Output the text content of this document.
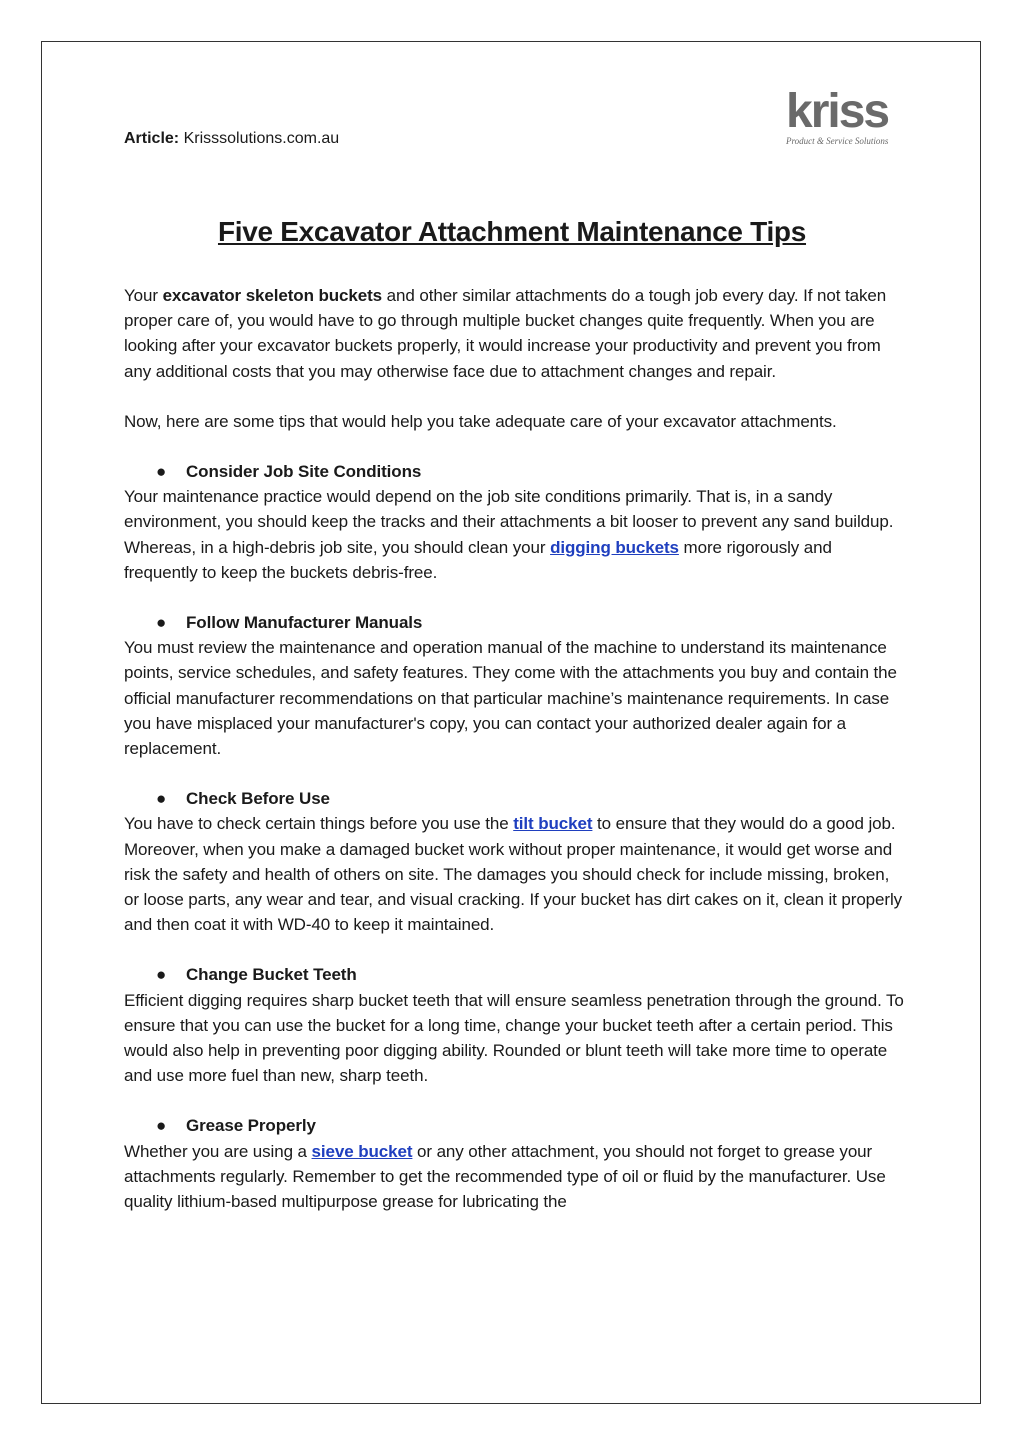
Article: Krisssolutions.com.au
kriss
Product & Service Solutions
Five Excavator Attachment Maintenance Tips

Your excavator skeleton buckets and other similar attachments do a tough job every day. If not taken proper care of, you would have to go through multiple bucket changes quite frequently. When you are looking after your excavator buckets properly, it would increase your productivity and prevent you from any additional costs that you may otherwise face due to attachment changes and repair.

Now, here are some tips that would help you take adequate care of your excavator attachments.

● Consider Job Site Conditions

Your maintenance practice would depend on the job site conditions primarily. That is, in a sandy environment, you should keep the tracks and their attachments a bit looser to prevent any sand buildup. Whereas, in a high-debris job site, you should clean your digging buckets more rigorously and frequently to keep the buckets debris-free.

● Follow Manufacturer Manuals

You must review the maintenance and operation manual of the machine to understand its maintenance points, service schedules, and safety features. They come with the attachments you buy and contain the official manufacturer recommendations on that particular machine’s maintenance requirements. In case you have misplaced your manufacturer's copy, you can contact your authorized dealer again for a replacement.

● Check Before Use

You have to check certain things before you use the tilt bucket to ensure that they would do a good job. Moreover, when you make a damaged bucket work without proper maintenance, it would get worse and risk the safety and health of others on site. The damages you should check for include missing, broken, or loose parts, any wear and tear, and visual cracking. If your bucket has dirt cakes on it, clean it properly and then coat it with WD-40 to keep it maintained.

● Change Bucket Teeth

Efficient digging requires sharp bucket teeth that will ensure seamless penetration through the ground. To ensure that you can use the bucket for a long time, change your bucket teeth after a certain period. This would also help in preventing poor digging ability. Rounded or blunt teeth will take more time to operate and use more fuel than new, sharp teeth.

● Grease Properly

Whether you are using a sieve bucket or any other attachment, you should not forget to grease your attachments regularly. Remember to get the recommended type of oil or fluid by the manufacturer. Use quality lithium-based multipurpose grease for lubricating the
